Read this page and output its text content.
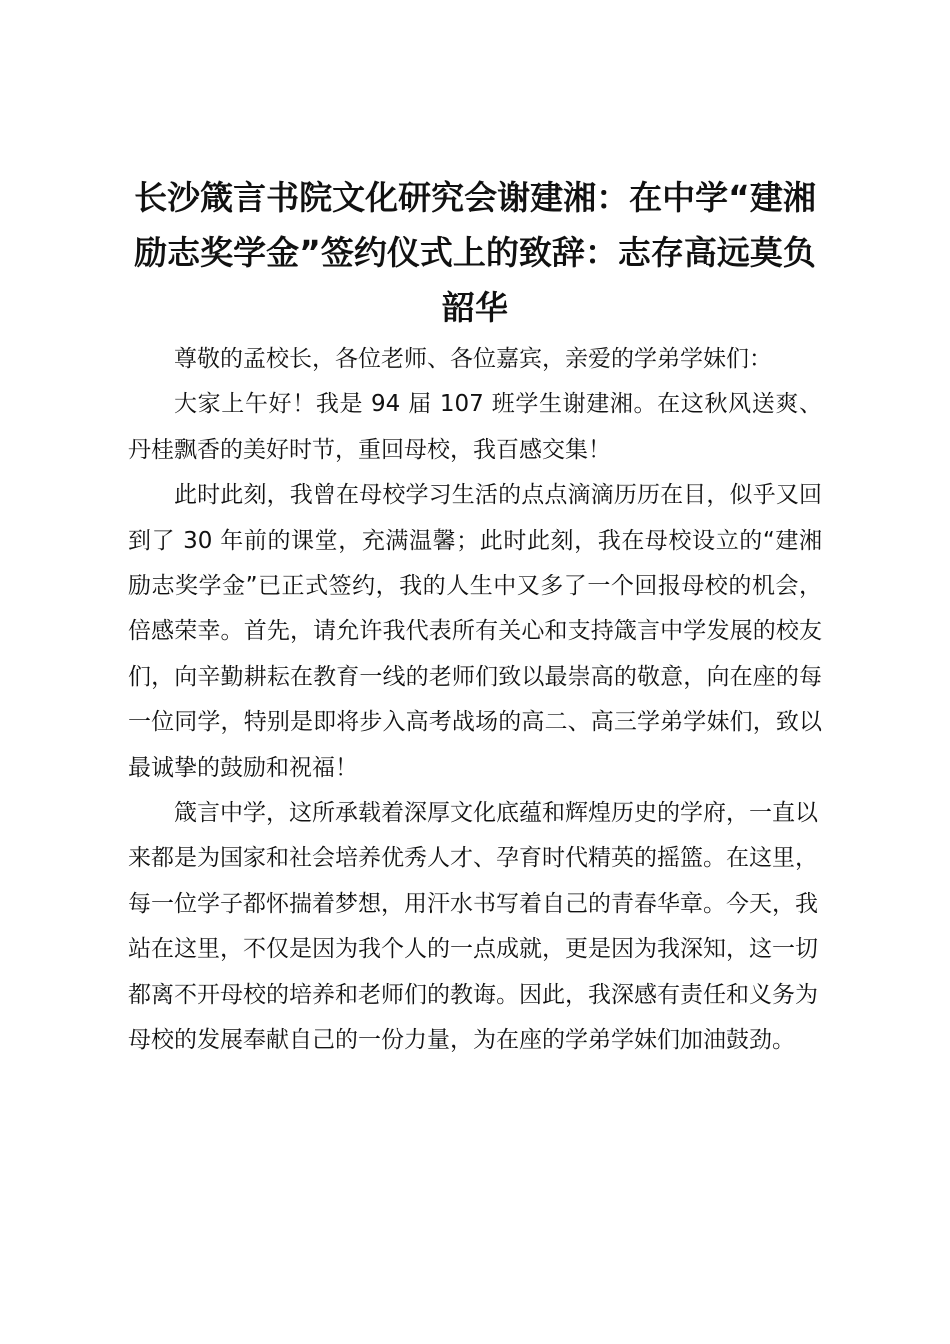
长沙箴言书院文化研究会谢建湘：在中学“建湘励志奖学金”签约仪式上的致辞：志存高远莫负韶华

尊敬的孟校长，各位老师、各位嘉宾，亲爱的学弟学妹们：

大家上午好！我是 94 届 107 班学生谢建湘。在这秋风送爽、丹桂飘香的美好时节，重回母校，我百感交集！

此时此刻，我曾在母校学习生活的点点滴滴历历在目，似乎又回到了 30 年前的课堂，充满温馨；此时此刻，我在母校设立的“建湘励志奖学金”已正式签约，我的人生中又多了一个回报母校的机会，倍感荣幸。首先，请允许我代表所有关心和支持箴言中学发展的校友们，向辛勤耕耘在教育一线的老师们致以最崇高的敬意，向在座的每一位同学，特别是即将步入高考战场的高二、高三学弟学妹们，致以最诚挚的鼓励和祝福！

箴言中学，这所承载着深厚文化底蕴和辉煌历史的学府，一直以来都是为国家和社会培养优秀人才、孕育时代精英的摇篮。在这里，每一位学子都怀揣着梦想，用汗水书写着自己的青春华章。今天，我站在这里，不仅是因为我个人的一点成就，更是因为我深知，这一切都离不开母校的培养和老师们的教诲。因此，我深感有责任和义务为母校的发展奉献自己的一份力量，为在座的学弟学妹们加油鼓劲。
